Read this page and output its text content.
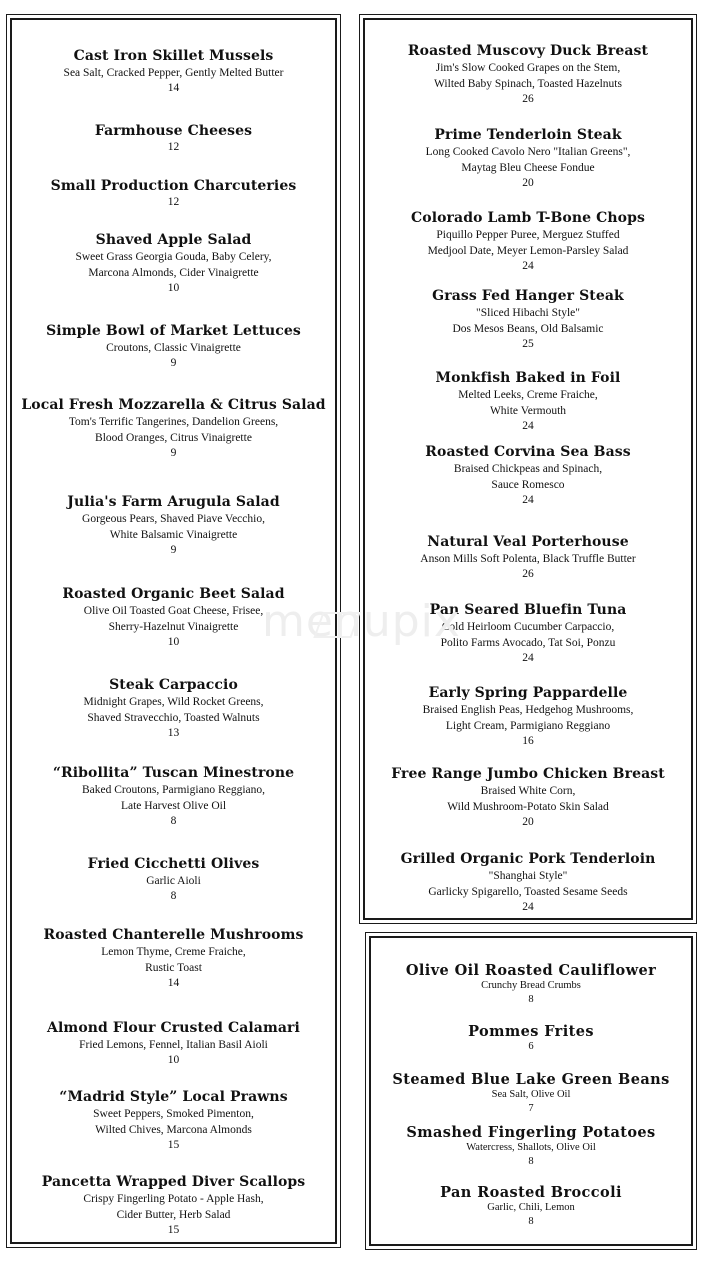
Cast Iron Skillet Mussels
Sea Salt, Cracked Pepper, Gently Melted Butter
14
Farmhouse Cheeses
12
Small Production Charcuteries
12
Shaved Apple Salad
Sweet Grass Georgia Gouda, Baby Celery,
Marcona Almonds, Cider Vinaigrette
10
Simple Bowl of Market Lettuces
Croutons, Classic Vinaigrette
9
Local Fresh Mozzarella & Citrus Salad
Tom's Terrific Tangerines, Dandelion Greens,
Blood Oranges, Citrus Vinaigrette
9
Julia's Farm Arugula Salad
Gorgeous Pears, Shaved Piave Vecchio,
White Balsamic Vinaigrette
9
Roasted Organic Beet Salad
Olive Oil Toasted Goat Cheese, Frisee,
Sherry-Hazelnut Vinaigrette
10
Steak Carpaccio
Midnight Grapes, Wild Rocket Greens,
Shaved Stravecchio, Toasted Walnuts
13
“Ribollita” Tuscan Minestrone
Baked Croutons, Parmigiano Reggiano,
Late Harvest Olive Oil
8
Fried Cicchetti Olives
Garlic Aioli
8
Roasted Chanterelle Mushrooms
Lemon Thyme, Creme Fraiche,
Rustic Toast
14
Almond Flour Crusted Calamari
Fried Lemons, Fennel, Italian Basil Aioli
10
“Madrid Style” Local Prawns
Sweet Peppers, Smoked Pimenton,
Wilted Chives, Marcona Almonds
15
Pancetta Wrapped Diver Scallops
Crispy Fingerling Potato - Apple Hash,
Cider Butter, Herb Salad
15
Roasted Muscovy Duck Breast
Jim's Slow Cooked Grapes on the Stem,
Wilted Baby Spinach, Toasted Hazelnuts
26
Prime Tenderloin Steak
Long Cooked Cavolo Nero "Italian Greens",
Maytag Bleu Cheese Fondue
20
Colorado Lamb T-Bone Chops
Piquillo Pepper Puree, Merguez Stuffed
Medjool Date, Meyer Lemon-Parsley Salad
24
Grass Fed Hanger Steak
"Sliced Hibachi Style"
Dos Mesos Beans, Old Balsamic
25
Monkfish Baked in Foil
Melted Leeks, Creme Fraiche,
White Vermouth
24
Roasted Corvina Sea Bass
Braised Chickpeas and Spinach,
Sauce Romesco
24
Natural Veal Porterhouse
Anson Mills Soft Polenta, Black Truffle Butter
26
Pan Seared Bluefin Tuna
Cold Heirloom Cucumber Carpaccio,
Polito Farms Avocado, Tat Soi, Ponzu
24
Early Spring Pappardelle
Braised English Peas, Hedgehog Mushrooms,
Light Cream, Parmigiano Reggiano
16
Free Range Jumbo Chicken Breast
Braised White Corn,
Wild Mushroom-Potato Skin Salad
20
Grilled Organic Pork Tenderloin
"Shanghai Style"
Garlicky Spigarello, Toasted Sesame Seeds
24
Olive Oil Roasted Cauliflower
Crunchy Bread Crumbs
8
Pommes Frites
6
Steamed Blue Lake Green Beans
Sea Salt, Olive Oil
7
Smashed Fingerling Potatoes
Watercress, Shallots, Olive Oil
8
Pan Roasted Broccoli
Garlic, Chili, Lemon
8
menupix
